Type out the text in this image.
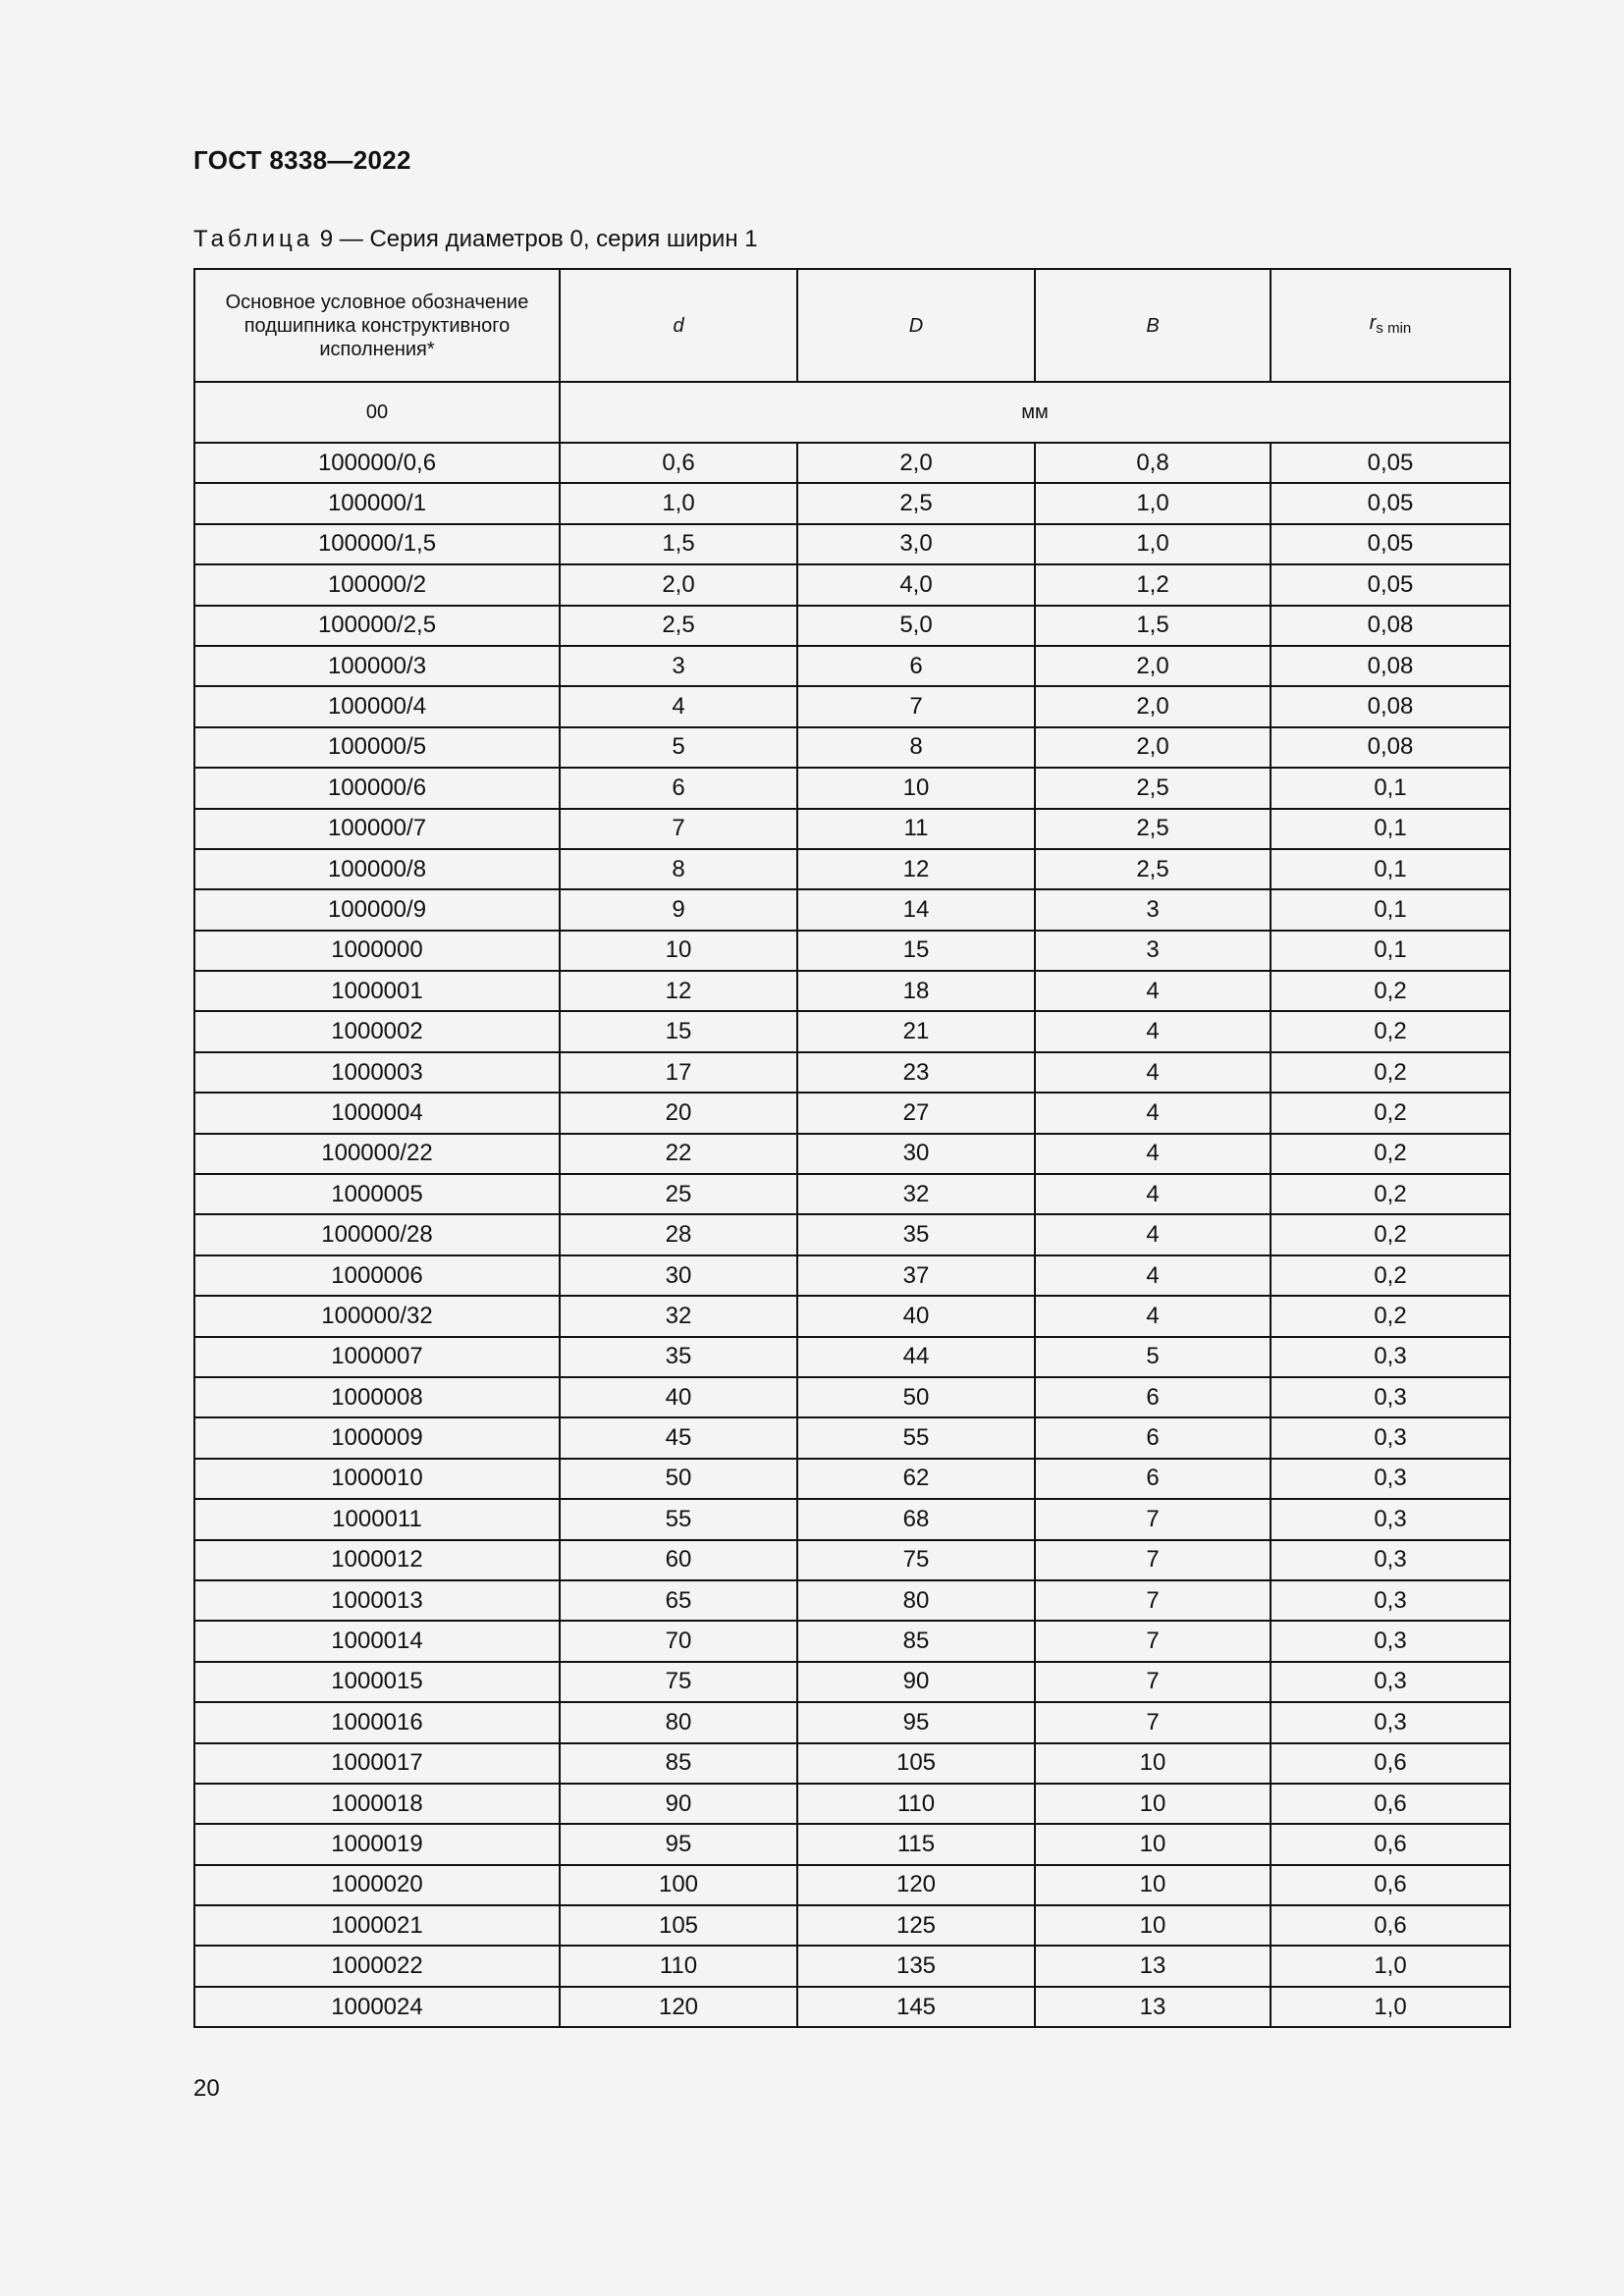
ГОСТ 8338—2022
Таблица 9 — Серия диаметров 0, серия ширин 1
Основное условное обозначение подшипника конструктивного исполнения*	d	D	B	$r_{s min}$
00	мм			
100000/0,6	0,6	2,0	0,8	0,05
100000/1	1,0	2,5	1,0	0,05
100000/1,5	1,5	3,0	1,0	0,05
100000/2	2,0	4,0	1,2	0,05
100000/2,5	2,5	5,0	1,5	0,08
100000/3	3	6	2,0	0,08
100000/4	4	7	2,0	0,08
100000/5	5	8	2,0	0,08
100000/6	6	10	2,5	0,1
100000/7	7	11	2,5	0,1
100000/8	8	12	2,5	0,1
100000/9	9	14	3	0,1
1000000	10	15	3	0,1
1000001	12	18	4	0,2
1000002	15	21	4	0,2
1000003	17	23	4	0,2
1000004	20	27	4	0,2
100000/22	22	30	4	0,2
1000005	25	32	4	0,2
100000/28	28	35	4	0,2
1000006	30	37	4	0,2
100000/32	32	40	4	0,2
1000007	35	44	5	0,3
1000008	40	50	6	0,3
1000009	45	55	6	0,3
1000010	50	62	6	0,3
1000011	55	68	7	0,3
1000012	60	75	7	0,3
1000013	65	80	7	0,3
1000014	70	85	7	0,3
1000015	75	90	7	0,3
1000016	80	95	7	0,3
1000017	85	105	10	0,6
1000018	90	110	10	0,6
1000019	95	115	10	0,6
1000020	100	120	10	0,6
1000021	105	125	10	0,6
1000022	110	135	13	1,0
1000024	120	145	13	1,0
20
